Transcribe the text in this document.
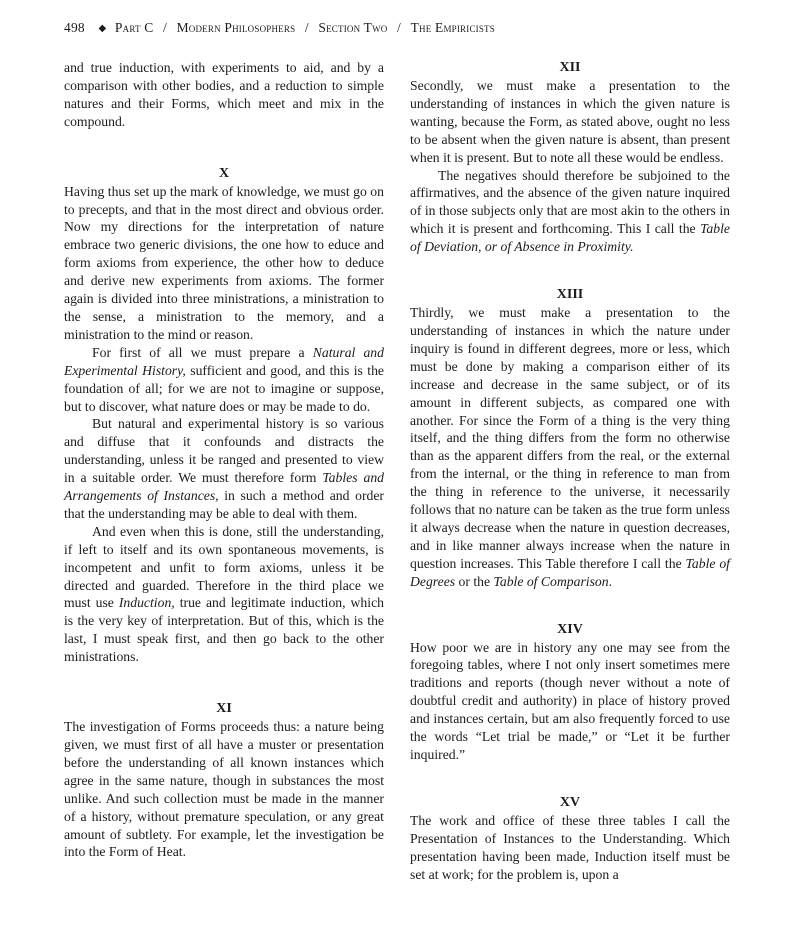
498 ◆ Part C / Modern Philosophers / Section Two / The Empiricists

and true induction, with experiments to aid, and by a comparison with other bodies, and a reduction to simple natures and their Forms, which meet and mix in the compound.

X

Having thus set up the mark of knowledge, we must go on to precepts, and that in the most direct and obvious order. Now my directions for the interpretation of nature embrace two generic divisions, the one how to educe and form axioms from experience, the other how to deduce and derive new experiments from axioms. The former again is divided into three ministrations, a ministration to the sense, a ministration to the memory, and a ministration to the mind or reason.

For first of all we must prepare a Natural and Experimental History, sufficient and good, and this is the foundation of all; for we are not to imagine or suppose, but to discover, what nature does or may be made to do.

But natural and experimental history is so various and diffuse that it confounds and distracts the understanding, unless it be ranged and presented to view in a suitable order. We must therefore form Tables and Arrangements of Instances, in such a method and order that the understanding may be able to deal with them.

And even when this is done, still the understanding, if left to itself and its own spontaneous movements, is incompetent and unfit to form axioms, unless it be directed and guarded. Therefore in the third place we must use Induction, true and legitimate induction, which is the very key of interpretation. But of this, which is the last, I must speak first, and then go back to the other ministrations.

XI

The investigation of Forms proceeds thus: a nature being given, we must first of all have a muster or presentation before the understanding of all known instances which agree in the same nature, though in substances the most unlike. And such collection must be made in the manner of a history, without premature speculation, or any great amount of subtlety. For example, let the investigation be into the Form of Heat.

XII

Secondly, we must make a presentation to the understanding of instances in which the given nature is wanting, because the Form, as stated above, ought no less to be absent when the given nature is absent, than present when it is present. But to note all these would be endless.

The negatives should therefore be subjoined to the affirmatives, and the absence of the given nature inquired of in those subjects only that are most akin to the others in which it is present and forthcoming. This I call the Table of Deviation, or of Absence in Proximity.

XIII

Thirdly, we must make a presentation to the understanding of instances in which the nature under inquiry is found in different degrees, more or less, which must be done by making a comparison either of its increase and decrease in the same subject, or of its amount in different subjects, as compared one with another. For since the Form of a thing is the very thing itself, and the thing differs from the form no otherwise than as the apparent differs from the real, or the external from the internal, or the thing in reference to man from the thing in reference to the universe, it necessarily follows that no nature can be taken as the true form unless it always decrease when the nature in question decreases, and in like manner always increase when the nature in question increases. This Table therefore I call the Table of Degrees or the Table of Comparison.

XIV

How poor we are in history any one may see from the foregoing tables, where I not only insert sometimes mere traditions and reports (though never without a note of doubtful credit and authority) in place of history proved and instances certain, but am also frequently forced to use the words “Let trial be made,” or “Let it be further inquired.”

XV

The work and office of these three tables I call the Presentation of Instances to the Understanding. Which presentation having been made, Induction itself must be set at work; for the problem is, upon a
